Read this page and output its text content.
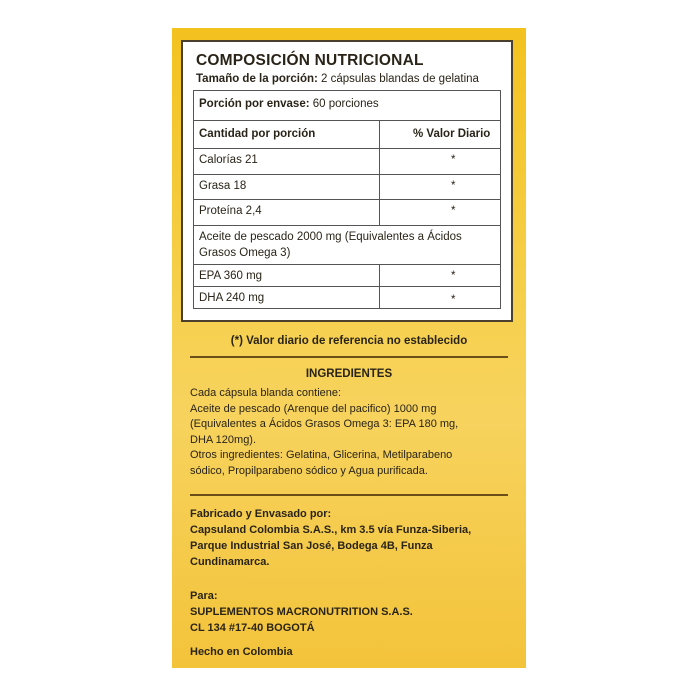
COMPOSICIÓN NUTRICIONAL
Tamaño de la porción: 2 cápsulas blandas de gelatina
Porción por envase: 60 porciones
Cantidad por porción	% Valor Diario
Calorías 21	*
Grasa 18	*
Proteína 2,4	*
Aceite de pescado 2000 mg (Equivalentes a Ácidos
Grasos Omega 3)
EPA 360 mg	*
DHA 240 mg	*
(*) Valor diario de referencia no establecido
INGREDIENTES
Cada cápsula blanda contiene:
Aceite de pescado (Arenque del pacifico) 1000 mg
(Equivalentes a Ácidos Grasos Omega 3: EPA 180 mg,
DHA 120mg).
Otros ingredientes: Gelatina, Glicerina, Metilparabeno
sódico, Propilparabeno sódico y Agua purificada.
Fabricado y Envasado por:
Capsuland Colombia S.A.S., km 3.5 vía Funza-Siberia,
Parque Industrial San José, Bodega 4B, Funza
Cundinamarca.
Para:
SUPLEMENTOS MACRONUTRITION S.A.S.
CL 134 #17-40 BOGOTÁ
Hecho en Colombia
